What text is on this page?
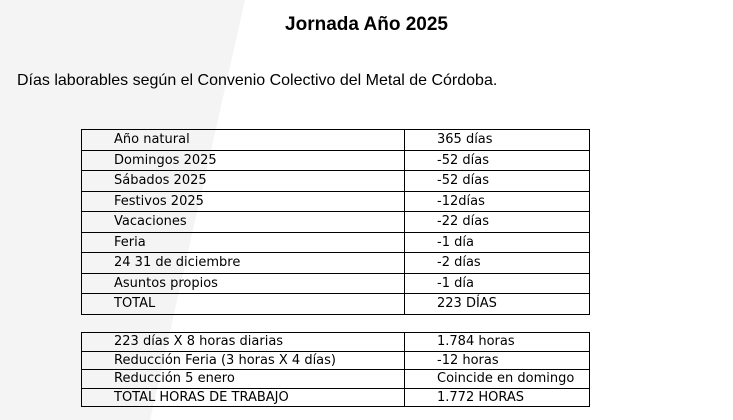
Jornada Año 2025
Días laborables según el Convenio Colectivo del Metal de Córdoba.
Año natural	365 días
Domingos 2025	-52 días
Sábados 2025	-52 días
Festivos 2025	-12días
Vacaciones	-22 días
Feria	-1 día
24 31 de diciembre	-2 días
Asuntos propios	-1 día
TOTAL	223 DÍAS
223 días X 8 horas diarias	1.784 horas
Reducción Feria (3 horas X 4 días)	-12 horas
Reducción 5 enero	Coincide en domingo
TOTAL HORAS DE TRABAJO	1.772 HORAS
